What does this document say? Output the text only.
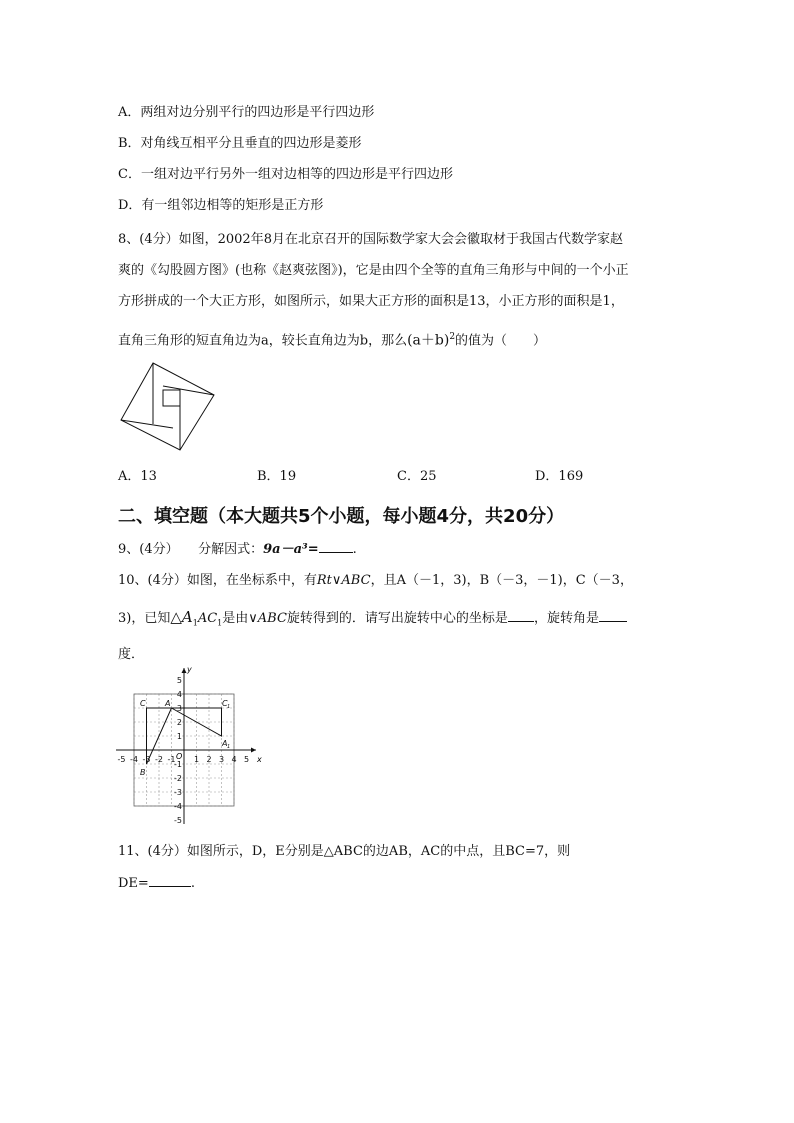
A．两组对边分别平行的四边形是平行四边形
B．对角线互相平分且垂直的四边形是菱形
C．一组对边平行另外一组对边相等的四边形是平行四边形
D．有一组邻边相等的矩形是正方形
8、(4分）如图，2002年8月在北京召开的国际数学家大会会徽取材于我国古代数学家赵
爽的《勾股圆方图》(也称《赵爽弦图》)，它是由四个全等的直角三角形与中间的一个小正
方形拼成的一个大正方形，如图所示，如果大正方形的面积是13，小正方形的面积是1，
直角三角形的短直角边为a，较长直角边为b，那么$(a+b)^2$的值为（　　）
A．13	B．19	C．25	D．169
二、填空题（本大题共5个小题，每小题4分，共20分）
9、(4分）　　分解因式：9a－a³=	.
10、(4分）如图，在坐标系中，有Rt∨ABC，且A（－1，3)，B（－3，－1)，C（－3，
3)，已知$\triangle A_1AC_1$是由∨ABC旋转得到的．请写出旋转中心的坐标是 ，旋转角是
度．
x
y
-5 -4 -3 -2 -1 1 2 3 4 5
5
4
3
2
1
-1
-2
-3
-4
-5
O
C A
B
C 1
A 1
11、(4分）如图所示，D，E分别是△ABC的边AB，AC的中点，且BC=7，则
DE=	.
